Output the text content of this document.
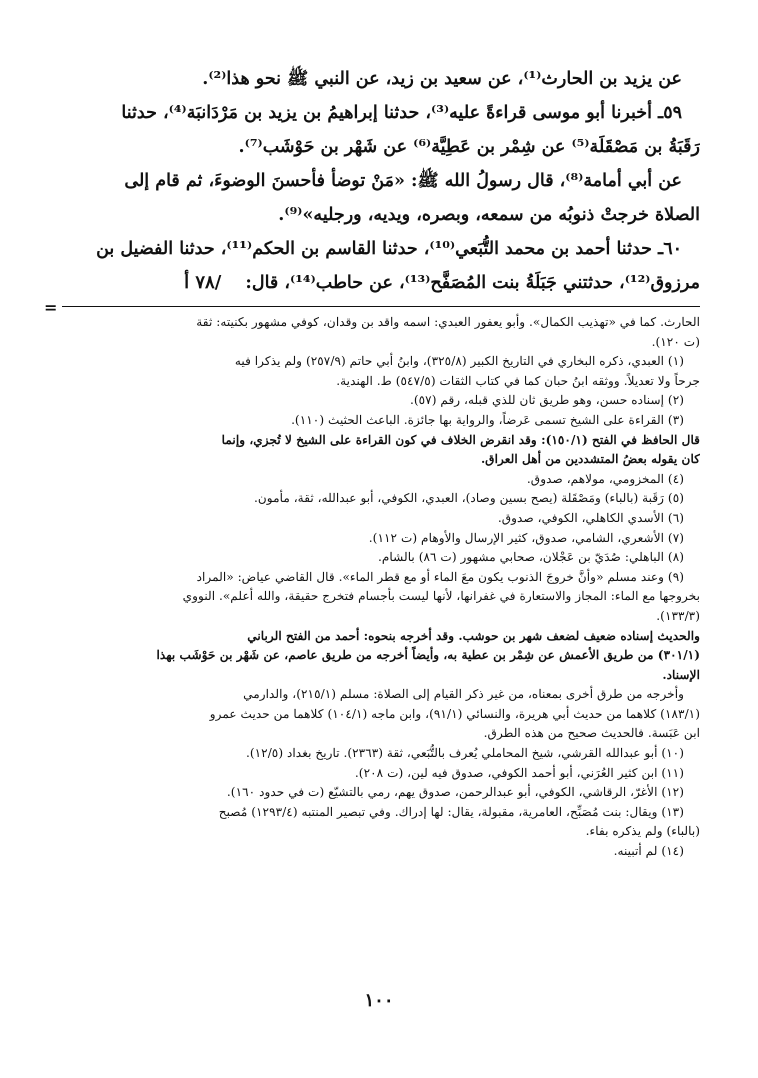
عن يزيد بن الحارث⁽¹⁾، عن سعيد بن زيد، عن النبي ﷺ نحو هذا⁽²⁾.
٥٩ـ أخبرنا أبو موسى قراءةً عليه⁽³⁾، حدثنا إبراهيمُ بن يزيد بن مَرْدَانبَة⁽⁴⁾، حدثنا
رَقَبَةُ بن مَصْقَلَة⁽⁵⁾ عن شِمْر بن عَطِيَّة⁽⁶⁾ عن شَهْر بن حَوْشَب⁽⁷⁾.
عن أبي أمامة⁽⁸⁾، قال رسولُ الله ﷺ: «مَنْ توضأ فأحسنَ الوضوءَ، ثم قام إلى
الصلاة خرجتْ ذنوبُه من سمعه، وبصره، ويديه، ورجليه»⁽⁹⁾.
٦٠ـ حدثنا أحمد بن محمد التُّبَعي⁽¹⁰⁾، حدثنا القاسم بن الحكم⁽¹¹⁾، حدثنا الفضيل بن
مرزوق⁽¹²⁾، حدثتني جَبَلَةُ بنت المُصَفَّح⁽¹³⁾، عن حاطب⁽¹⁴⁾، قال: /٧٨ أ
=
الحارث. كما في «تهذيب الكمال». وأبو يعفور العبدي: اسمه واقد بن وقدان، كوفي مشهور بكنيته: ثقة
(ت ١٢٠).
(١) العبدي، ذكره البخاري في التاريخ الكبير (٣٢٥/٨)، وابنُ أبي حاتم (٢٥٧/٩) ولم يذكرا فيه
جرحاً ولا تعديلاً. ووثقه ابنُ حبان كما في كتاب الثقات (٥٤٧/٥) ط. الهندية.
(٢) إسناده حسن، وهو طريق ثان للذي قبله، رقم (٥٧).
(٣) القراءة على الشيخ تسمى عَرضاً، والرواية بها جائزة. الباعث الحثيث (١١٠).
قال الحافظ في الفتح (١٥٠/١): وقد انقرض الخلاف في كون القراءة على الشيخ لا تُجزي، وإنما
كان يقوله بعضُ المتشددين من أهل العراق.
(٤) المخزومي، مولاهم، صدوق.
(٥) رَقَبة (بالباء) ومَصْقَلة (يصح بسين وصاد)، العبدي، الكوفي، أبو عبدالله، ثقة، مأمون.
(٦) الأسدي الكاهلي، الكوفي، صدوق.
(٧) الأشعري، الشامي، صدوق، كثير الإرسال والأوهام (ت ١١٢).
(٨) الباهلي: صُدَيّ بن عَجْلان، صحابي مشهور (ت ٨٦) بالشام.
(٩) وعند مسلم «وأنَّ خروجَ الذنوب يكون معَ الماء أو مع قطر الماء». قال القاضي عياض: «المراد
بخروجها مع الماء: المجاز والاستعارة في غفرانها، لأنها ليست بأجسام فتخرج حقيقة، والله أعلم». النووي
(١٣٣/٣).
والحديث إسناده ضعيف لضعف شهر بن حوشب. وقد أخرجه بنحوه: أحمد من الفتح الرباني
(٣٠١/١) من طريق الأعمش عن شِمْر بن عطية به، وأيضاً أخرجه من طريق عاصم، عن شَهْر بن حَوْشَب بهذا
الإسناد.
وأخرجه من طرق أخرى بمعناه، من غير ذكر القيام إلى الصلاة: مسلم (٢١٥/١)، والدارمي
(١٨٣/١) كلاهما من حديث أبي هريرة، والنسائي (٩١/١)، وابن ماجه (١٠٤/١) كلاهما من حديث عمرو
ابن عَبَسة. فالحديث صحيح من هذه الطرق.
(١٠) أبو عبدالله القرشي، شيخ المحاملي يُعرف بالتُّبَعي، ثقة (٢٣٦٣). تاريخ بغداد (١٢/٥).
(١١) ابن كثير العُرَني، أبو أحمد الكوفي، صدوق فيه لين، (ت ٢٠٨).
(١٢) الأغرّ، الرقاشي، الكوفي، أبو عبدالرحمن، صدوق يهم، رمي بالتشيّع (ت في حدود ١٦٠).
(١٣) ويقال: بنت مُصَبِّح، العامرية، مقبولة، يقال: لها إدراك. وفي تبصير المنتبه (١٢٩٣/٤) مُصبح
(بالباء) ولم يذكره بفاء.
(١٤) لم أتبينه.
١٠٠
